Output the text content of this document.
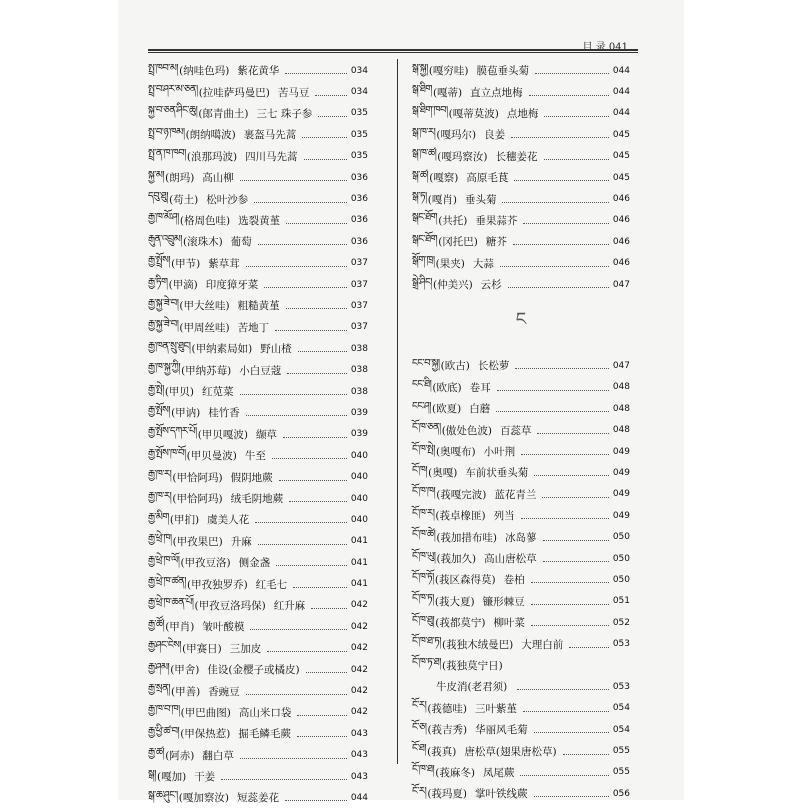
目 录 041
སྤྲ་ཁབ་མ། (纳哇色玛) 紫花黄华	034
སྤྲ་བ་ཤར་མ་ཅན། (拉哇萨玛曼巴) 苦马豆	034
སྐྱ་བ་ཅན་ཤིང་ཆུ། (郎青曲土) 三七 珠子参	035
སྤྲ་བ་ཉ་ཁམ། (朗纳噶波) 裹盔马先蒿	035
སྤྲ་ན་ཁ་ཁབ། (浪那玛波) 四川马先蒿	035
སྐྱ་མ། (朗玛) 高山柳	036
དབུ་ཐུ། (苟土) 松叶沙参	036
རྒྱ་ཁ་མོ་ཤ། (格周色哇) 选裂黄堇	036
རྒུན་འབྲུམ། (滚珠木) 葡萄	036
རྒྱ་སྤྲོས། (甲节) 紫草茸	037
རྒྱ་ཏིག (甲滴) 印度獐牙菜	037
རྒྱ་སྐྱ་ཟེ་བ། (甲大丝哇) 粗糙黄堇	037
རྒྱ་སྐྱ་ཟེ་བ། (甲周丝哇) 苦地丁	037
རྒྱ་ཁན་སྲུ་ཐུང། (甲纳素局如) 野山楂	038
རྒྱ་ཁ་སྐྱ་ཀྱི། (甲纳苏莓) 小白豆蔻	038
རྒྱ་སྤེ། (甲贝) 红苋菜	038
རྒྱ་སྤོས། (甲讷) 桂竹香	039
རྒྱ་སྤོས་དཀར་པོ། (甲贝嘎波) 缬草	039
རྒྱ་སྤོས་ཁ་བོ། (甲贝曼波) 牛至	040
རྒྱ་ཁ་ར། (甲恰阿玛) 假阴地蕨	040
རྒྱ་ཁ་ར། (甲恰阿玛) 绒毛阴地蕨	040
རྒྱ་མིག (甲扪) 虞美人花	040
རྒྱ་ཕྲེ་ཁ། (甲孜果巴) 升麻	041
རྒྱ་ཕྲེ་ཁ་ལོ། (甲孜豆洛) 侧金盏	041
རྒྱ་ཕྲེ་ཁ་ཚན། (甲孜独罗乔) 红毛七	041
རྒྱ་ཕྲེ་ཁ་ཆན་པོ། (甲孜豆洛玛保) 红升麻	042
རྒྱ་ཚོ། (甲肖) 皱叶酸模	042
རྒྱ་ཤང་ངེས། (甲赛日) 三加皮	042
རྒྱ་ཤམ། (甲舍) 佳设(金樱子或橘皮)	042
རྒྱ་སྲན། (甲善) 香豌豆	042
རྒྱ་ཁ་བ་ཁ། (甲巴曲图) 高山米口袋	042
རྒྱ་ཕྱི་ཚ་བ། (甲保热惹) 掘毛鳞毛蕨	043
རྒྱ་ཚ། (阿赤) 翻白草	043
སྒ། (嘎加) 干姜	043
སྒ་ཆ་ཤུང་། (嘎加察汝) 短蕊姜花	044
སྒ་སྐྱ། (嘎穷哇) 膜苞垂头菊	044
སྒ་ཐིག (嘎蒂) 直立点地梅	044
སྒ་ཐིག་ཁབ། (嘎蒂莫波) 点地梅	044
སྒ་ཁ་ར། (嘎玛尔) 良姜	045
སྒ་ཁ་ཚ། (嘎玛察汝) 长穗姜花	045
སྒ་ཚ། (嘎察) 高原毛茛	045
སྒ་ཏ། (嘎肖) 垂头菊	046
སྒང་ཐོག (共托) 垂果蒜芥	046
སྒང་ཐོག (冈托巴) 糖芥	046
སྒོག་ཁྲ། (果夹) 大蒜	046
སྒྲེ་ཤིང། (仲美兴) 云杉	047
ང
ངང་བ་སྐྱ། (欧古) 长松萝	047
ངང་ཐི། (欧底) 卷耳	048
ངང་ཤ། (欧夏) 白蘑	048
ངོ་ཁ་ཅན། (傲处色波) 百蕊草	048
ངོ་ཁ་སྤེ། (奥嘎布) 小叶荆	049
ངོ་ཁ། (奥嘎) 车前状垂头菊	049
ངོ་ཁ་ཁ། (莪嘎完波) 蓝花青兰	049
ངོ་ཁ་ར། (莪卓橡匪) 列当	049
ངོ་ཁ་ཚེ། (莪加措布哇) 冰岛蓼	050
ངོ་ཁ་ཡུ། (莪加久) 高山唐松草	050
ངོ་ཁ་ཏོ། (莪区森得莫) 卷柏	050
ངོ་ཁ་ཏ། (莪大夏) 镰形棘豆	051
ངོ་ཁ་ཐུ། (莪都莫宁) 柳叶菜	052
ངོ་ཁ་ཐ་ཏ། (莪独木绒曼巴) 大理白前	053
ངོ་ཁ་ཏ་ཐ། (莪独莫宁日)
牛皮消(老君须)	053
ངོ་ར། (莪德哇) 三叶紫堇	054
ངོ་ཅ། (莪吉秀) 华丽风毛菊	054
ངོ་ཐ། (莪真) 唐松草(翅果唐松草)	055
ངོ་ཁ་ཐ། (莪麻冬) 凤尾蕨	055
ངོ་ར། (莪玛夏) 掌叶铁线蕨	056
